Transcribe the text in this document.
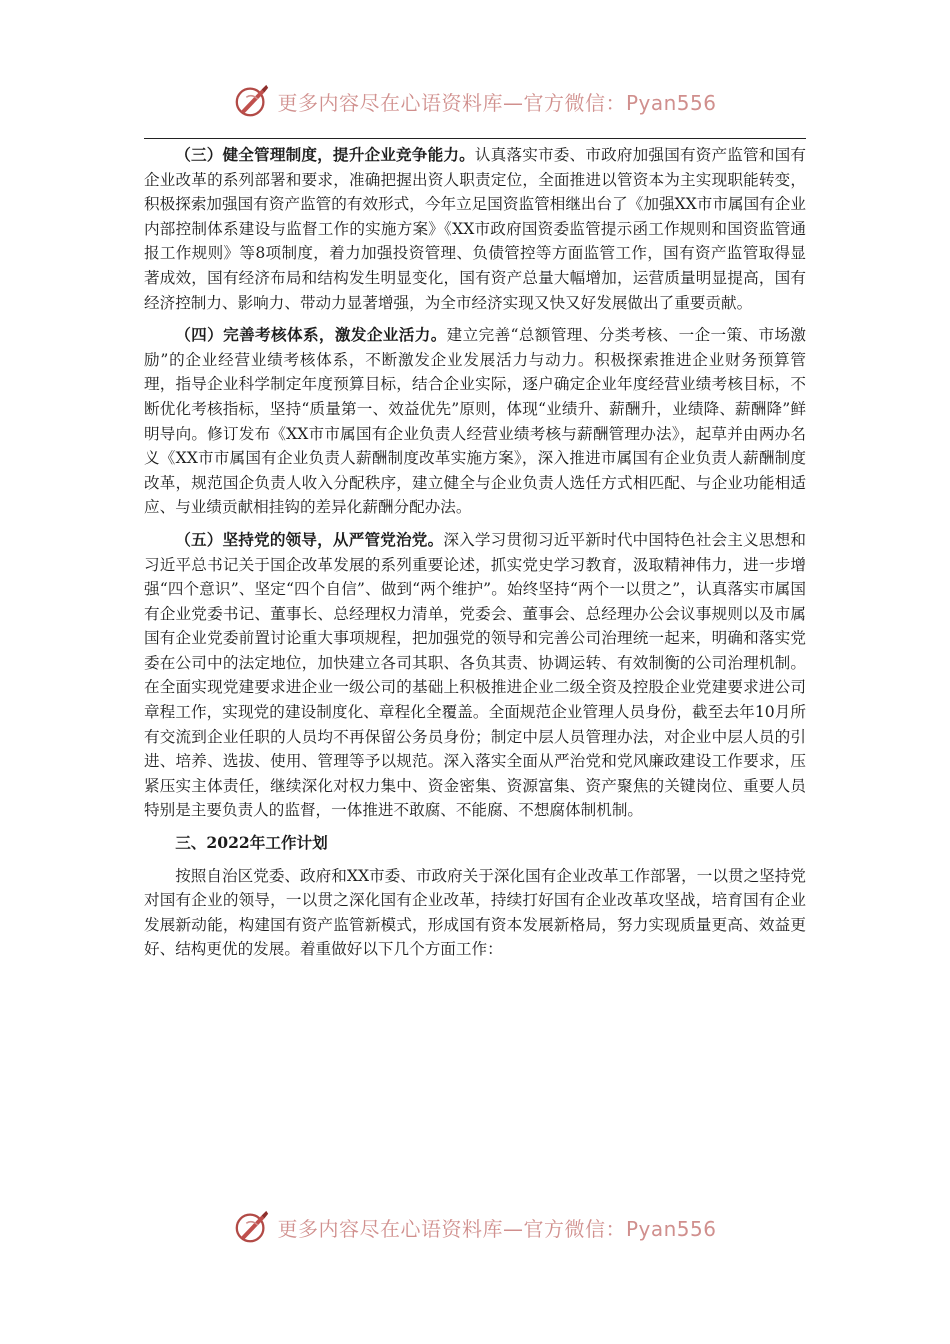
更多内容尽在心语资料库—官方微信：Pyan556

（三）健全管理制度，提升企业竞争能力。认真落实市委、市政府加强国有资产监管和国有企业改革的系列部署和要求，准确把握出资人职责定位，全面推进以管资本为主实现职能转变，积极探索加强国有资产监管的有效形式，今年立足国资监管相继出台了《加强XX市市属国有企业内部控制体系建设与监督工作的实施方案》《XX市政府国资委监管提示函工作规则和国资监管通报工作规则》等8项制度，着力加强投资管理、负债管控等方面监管工作，国有资产监管取得显著成效，国有经济布局和结构发生明显变化，国有资产总量大幅增加，运营质量明显提高，国有经济控制力、影响力、带动力显著增强，为全市经济实现又快又好发展做出了重要贡献。

（四）完善考核体系，激发企业活力。建立完善“总额管理、分类考核、一企一策、市场激励”的企业经营业绩考核体系，不断激发企业发展活力与动力。积极探索推进企业财务预算管理，指导企业科学制定年度预算目标，结合企业实际，逐户确定企业年度经营业绩考核目标，不断优化考核指标，坚持“质量第一、效益优先”原则，体现“业绩升、薪酬升，业绩降、薪酬降”鲜明导向。修订发布《XX市市属国有企业负责人经营业绩考核与薪酬管理办法》，起草并由两办名义《XX市市属国有企业负责人薪酬制度改革实施方案》，深入推进市属国有企业负责人薪酬制度改革，规范国企负责人收入分配秩序，建立健全与企业负责人选任方式相匹配、与企业功能相适应、与业绩贡献相挂钩的差异化薪酬分配办法。

（五）坚持党的领导，从严管党治党。深入学习贯彻习近平新时代中国特色社会主义思想和习近平总书记关于国企改革发展的系列重要论述，抓实党史学习教育，汲取精神伟力，进一步增强“四个意识”、坚定“四个自信”、做到“两个维护”。始终坚持“两个一以贯之”，认真落实市属国有企业党委书记、董事长、总经理权力清单，党委会、董事会、总经理办公会议事规则以及市属国有企业党委前置讨论重大事项规程，把加强党的领导和完善公司治理统一起来，明确和落实党委在公司中的法定地位，加快建立各司其职、各负其责、协调运转、有效制衡的公司治理机制。在全面实现党建要求进企业一级公司的基础上积极推进企业二级全资及控股企业党建要求进公司章程工作，实现党的建设制度化、章程化全覆盖。全面规范企业管理人员身份，截至去年10月所有交流到企业任职的人员均不再保留公务员身份；制定中层人员管理办法，对企业中层人员的引进、培养、选拔、使用、管理等予以规范。深入落实全面从严治党和党风廉政建设工作要求，压紧压实主体责任，继续深化对权力集中、资金密集、资源富集、资产聚焦的关键岗位、重要人员特别是主要负责人的监督，一体推进不敢腐、不能腐、不想腐体制机制。

三、2022年工作计划

按照自治区党委、政府和XX市委、市政府关于深化国有企业改革工作部署，一以贯之坚持党对国有企业的领导，一以贯之深化国有企业改革，持续打好国有企业改革攻坚战，培育国有企业发展新动能，构建国有资产监管新模式，形成国有资本发展新格局，努力实现质量更高、效益更好、结构更优的发展。着重做好以下几个方面工作：

更多内容尽在心语资料库—官方微信：Pyan556
